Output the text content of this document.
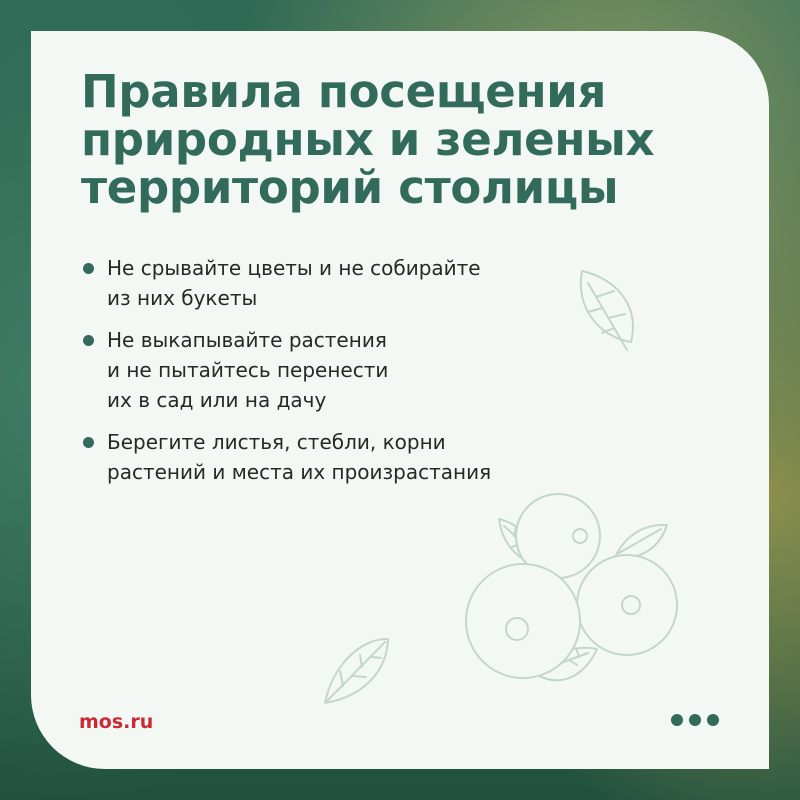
Правила посещения
природных и зеленых
территорий столицы
Не срывайте цветы и не собирайте
из них букеты
Не выкапывайте растения
и не пытайтесь перенести
их в сад или на дачу
Берегите листья, стебли, корни
растений и места их произрастания
mos.ru
